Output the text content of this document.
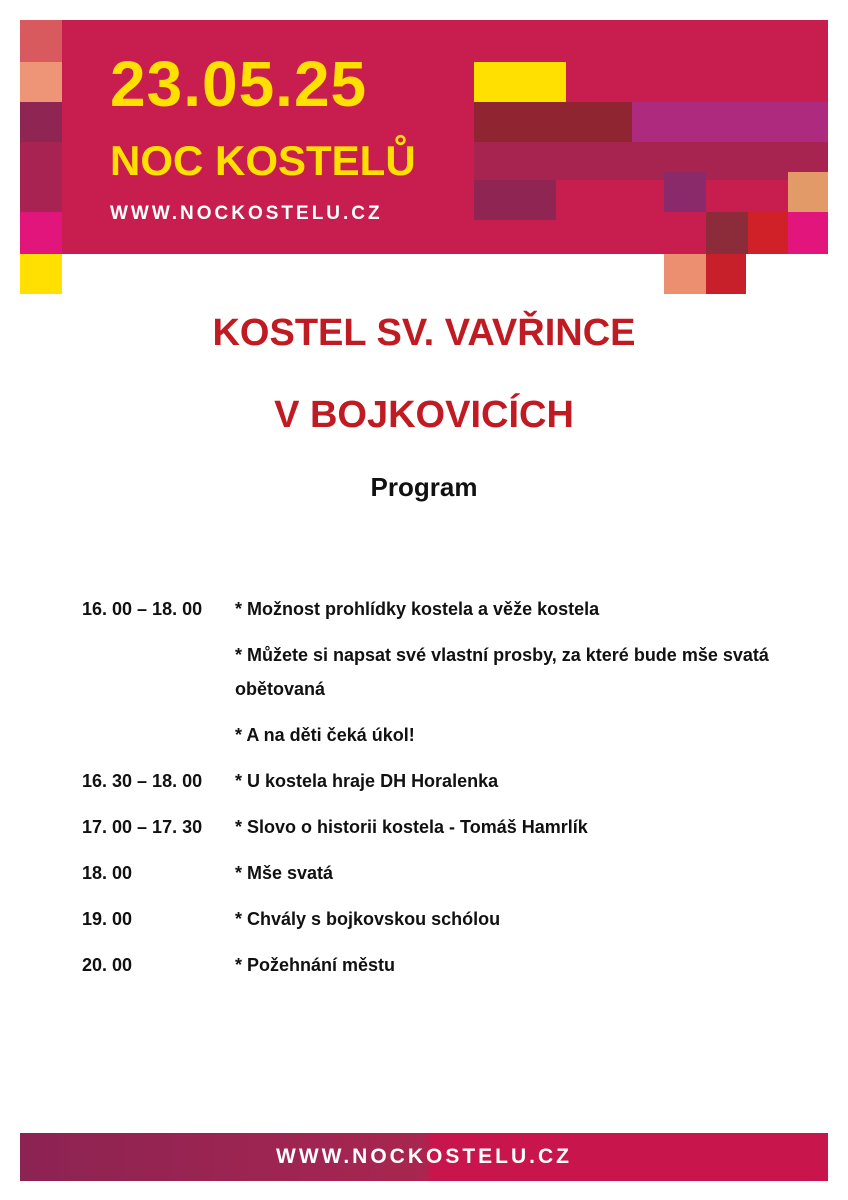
23.05.25
NOC KOSTELŮ
WWW.NOCKOSTELU.CZ
KOSTEL SV. VAVŘINCE
V BOJKOVICÍCH
Program
16. 00 – 18. 00	* Možnost prohlídky kostela a věže kostela
* Můžete si napsat své vlastní prosby, za které bude mše svatá obětovaná
* A na děti čeká úkol!
16. 30 – 18. 00	* U kostela hraje DH Horalenka
17. 00 – 17. 30	* Slovo o historii kostela - Tomáš Hamrlík
18. 00	* Mše svatá
19. 00	* Chvály s bojkovskou schólou
20. 00	* Požehnání městu
WWW.NOCKOSTELU.CZ
